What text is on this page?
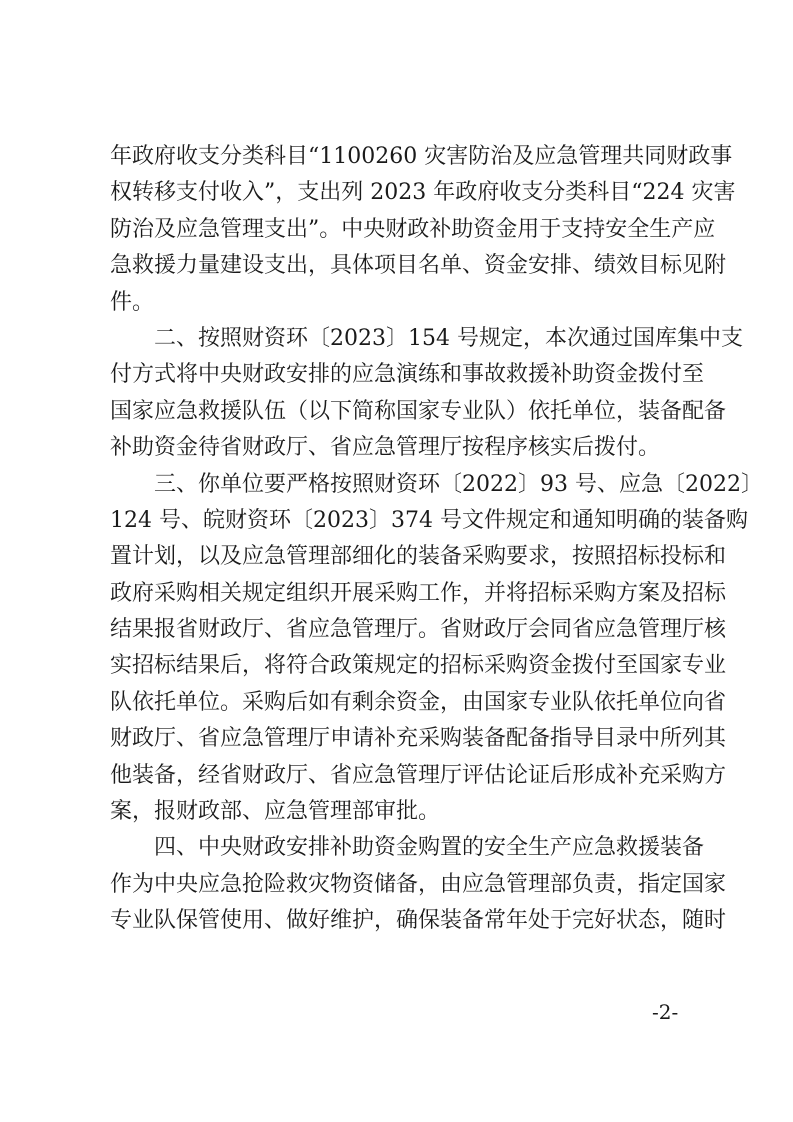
年政府收支分类科目“1100260 灾害防治及应急管理共同财政事
权转移支付收入”，支出列 2023 年政府收支分类科目“224 灾害
防治及应急管理支出”。中央财政补助资金用于支持安全生产应
急救援力量建设支出，具体项目名单、资金安排、绩效目标见附
件。
　　二、按照财资环〔2023〕154 号规定，本次通过国库集中支
付方式将中央财政安排的应急演练和事故救援补助资金拨付至
国家应急救援队伍（以下简称国家专业队）依托单位，装备配备
补助资金待省财政厅、省应急管理厅按程序核实后拨付。
　　三、你单位要严格按照财资环〔2022〕93 号、应急〔2022〕
124 号、皖财资环〔2023〕374 号文件规定和通知明确的装备购
置计划，以及应急管理部细化的装备采购要求，按照招标投标和
政府采购相关规定组织开展采购工作，并将招标采购方案及招标
结果报省财政厅、省应急管理厅。省财政厅会同省应急管理厅核
实招标结果后，将符合政策规定的招标采购资金拨付至国家专业
队依托单位。采购后如有剩余资金，由国家专业队依托单位向省
财政厅、省应急管理厅申请补充采购装备配备指导目录中所列其
他装备，经省财政厅、省应急管理厅评估论证后形成补充采购方
案，报财政部、应急管理部审批。
　　四、中央财政安排补助资金购置的安全生产应急救援装备
作为中央应急抢险救灾物资储备，由应急管理部负责，指定国家
专业队保管使用、做好维护，确保装备常年处于完好状态，随时
-2-
